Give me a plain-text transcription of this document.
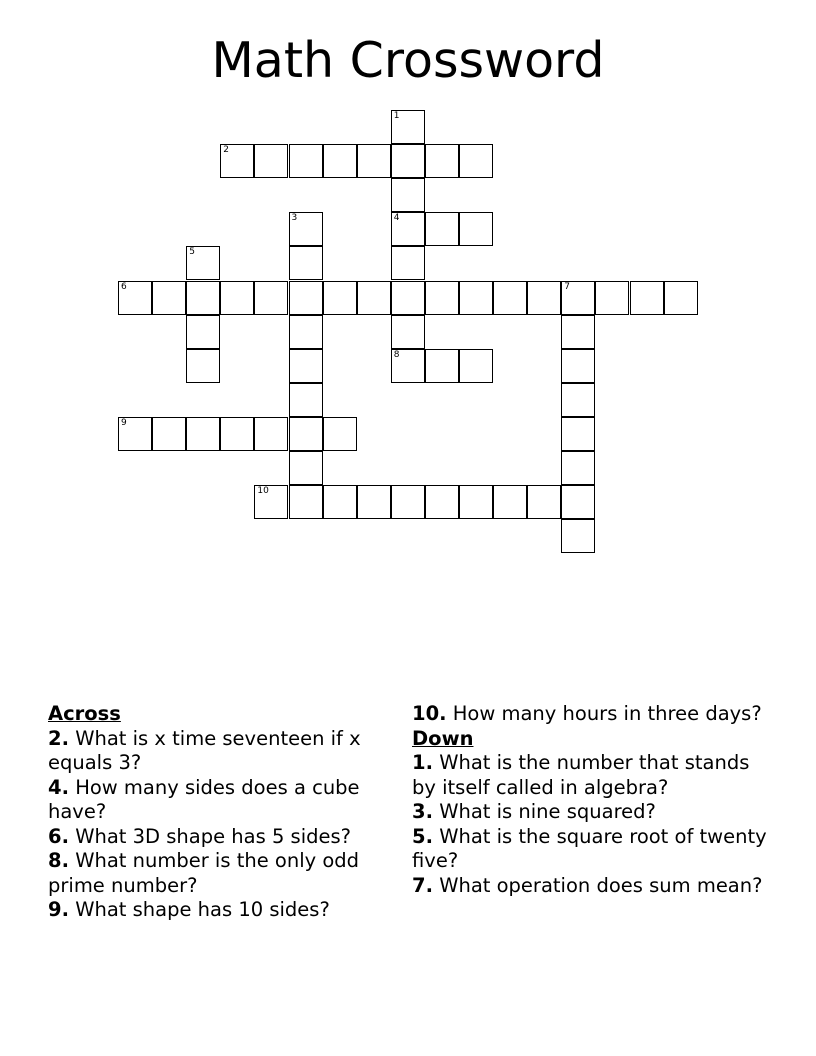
Math Crossword
1
4
8
2
3
5
6	7
9
10
Across
2. What is x time seventeen if x equals 3?
4. How many sides does a cube have?
6. What 3D shape has 5 sides?
8. What number is the only odd prime number?
9. What shape has 10 sides?
10. How many hours in three days?
Down
1. What is the number that stands by itself called in algebra?
3. What is nine squared?
5. What is the square root of twenty five?
7. What operation does sum mean?
